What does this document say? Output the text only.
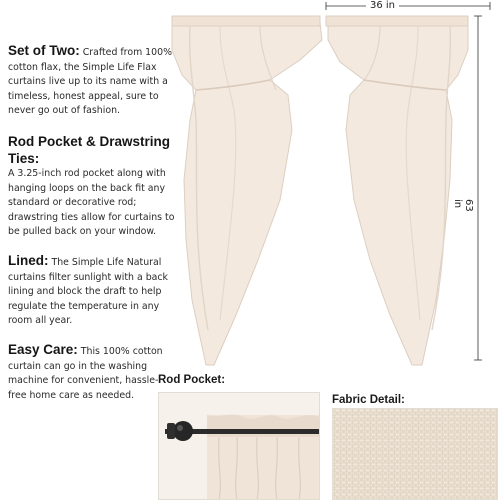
Set of Two: Crafted from 100% cotton flax, the Simple Life Flax curtains live up to its name with a timeless, honest appeal, sure to never go out of fashion.
Rod Pocket & Drawstring Ties:
A 3.25-inch rod pocket along with hanging loops on the back fit any standard or decorative rod; drawstring ties allow for curtains to be pulled back on your window.
Lined: The Simple Life Natural curtains filter sunlight with a back lining and block the draft to help regulate the temperature in any room all year.
Easy Care: This 100% cotton curtain can go in the washing machine for convenient, hassle-free home care as needed.
36 in
63 in
Rod Pocket:
Fabric Detail:
